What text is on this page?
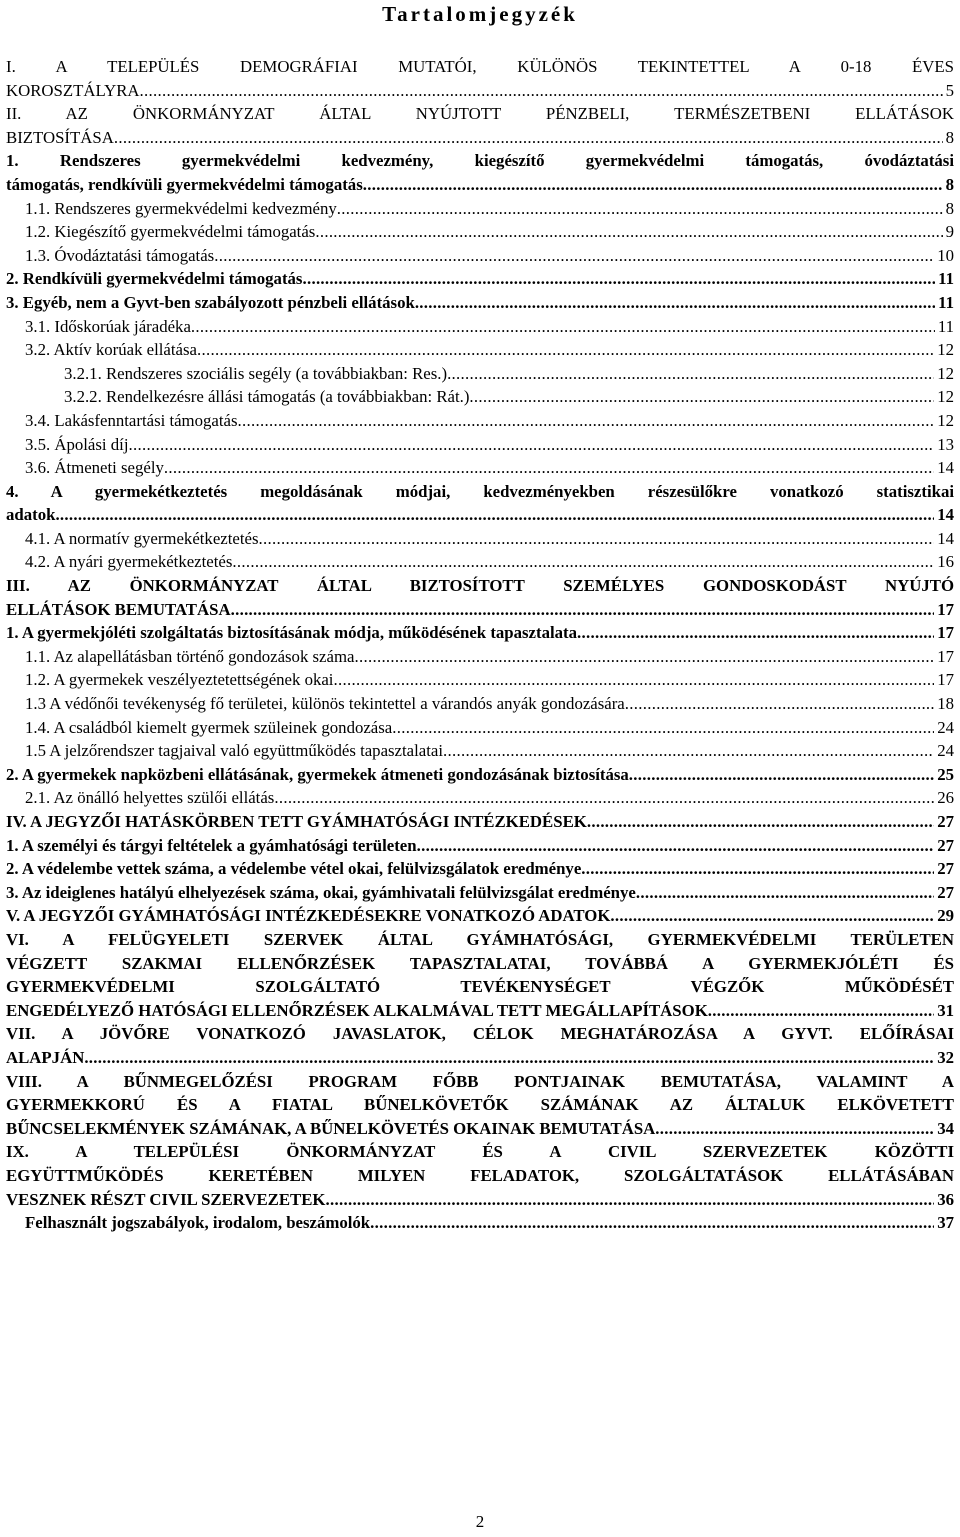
Tartalomjegyzék
I. A TELEPÜLÉS DEMOGRÁFIAI MUTATÓI, KÜLÖNÖS TEKINTETTEL A 0-18 ÉVES
KOROSZTÁLYRA .....	5
II. AZ ÖNKORMÁNYZAT ÁLTAL NYÚJTOTT PÉNZBELI, TERMÉSZETBENI ELLÁTÁSOK
BIZTOSÍTÁSA .....	8
1. Rendszeres gyermekvédelmi kedvezmény, kiegészítő gyermekvédelmi támogatás, óvodáztatási
támogatás, rendkívüli gyermekvédelmi támogatás .....	8
1.1. Rendszeres gyermekvédelmi kedvezmény .....	8
1.2. Kiegészítő gyermekvédelmi támogatás .....	9
1.3. Óvodáztatási támogatás .....	10
2. Rendkívüli gyermekvédelmi támogatás .....	11
3. Egyéb, nem a Gyvt-ben szabályozott pénzbeli ellátások .....	11
3.1. Időskorúak járadéka .....	11
3.2. Aktív korúak ellátása .....	12
3.2.1. Rendszeres szociális segély (a továbbiakban: Res.) .....	12
3.2.2. Rendelkezésre állási támogatás (a továbbiakban: Rát.) .....	12
3.4. Lakásfenntartási támogatás .....	12
3.5. Ápolási díj .....	13
3.6. Átmeneti segély .....	14
4. A gyermekétkeztetés megoldásának módjai, kedvezményekben részesülőkre vonatkozó statisztikai
adatok .....	14
4.1. A normatív gyermekétkeztetés .....	14
4.2. A nyári gyermekétkeztetés .....	16
III. AZ ÖNKORMÁNYZAT ÁLTAL BIZTOSÍTOTT SZEMÉLYES GONDOSKODÁST NYÚJTÓ
ELLÁTÁSOK BEMUTATÁSA .....	17
1. A gyermekjóléti szolgáltatás biztosításának módja, működésének tapasztalata .....	17
1.1. Az alapellátásban történő gondozások száma .....	17
1.2. A gyermekek veszélyeztetettségének okai .....	17
1.3 A védőnői tevékenység fő területei, különös tekintettel a várandós anyák gondozására .....	18
1.4. A családból kiemelt gyermek szüleinek gondozása .....	24
1.5 A jelzőrendszer tagjaival való együttműködés tapasztalatai .....	24
2. A gyermekek napközbeni ellátásának, gyermekek átmeneti gondozásának biztosítása .....	25
2.1. Az önálló helyettes szülői ellátás .....	26
IV. A JEGYZŐI HATÁSKÖRBEN TETT GYÁMHATÓSÁGI INTÉZKEDÉSEK .....	27
1. A személyi és tárgyi feltételek a gyámhatósági területen .....	27
2. A védelembe vettek száma, a védelembe vétel okai, felülvizsgálatok eredménye .....	27
3. Az ideiglenes hatályú elhelyezések száma, okai, gyámhivatali felülvizsgálat eredménye .....	27
V. A JEGYZŐI GYÁMHATÓSÁGI INTÉZKEDÉSEKRE VONATKOZÓ ADATOK .....	29
VI. A FELÜGYELETI SZERVEK ÁLTAL GYÁMHATÓSÁGI, GYERMEKVÉDELMI TERÜLETEN
VÉGZETT SZAKMAI ELLENŐRZÉSEK TAPASZTALATAI, TOVÁBBÁ A GYERMEKJÓLÉTI ÉS
GYERMEKVÉDELMI SZOLGÁLTATÓ TEVÉKENYSÉGET VÉGZŐK MŰKÖDÉSÉT
ENGEDÉLYEZŐ HATÓSÁGI ELLENŐRZÉSEK ALKALMÁVAL TETT MEGÁLLAPÍTÁSOK .....	31
VII. A JÖVŐRE VONATKOZÓ JAVASLATOK, CÉLOK MEGHATÁROZÁSA A GYVT. ELŐÍRÁSAI
ALAPJÁN .....	32
VIII. A BŰNMEGELŐZÉSI PROGRAM FŐBB PONTJAINAK BEMUTATÁSA, VALAMINT A
GYERMEKKORÚ ÉS A FIATAL BŰNELKÖVETŐK SZÁMÁNAK AZ ÁLTALUK ELKÖVETETT
BŰNCSELEKMÉNYEK SZÁMÁNAK, A BŰNELKÖVETÉS OKAINAK BEMUTATÁSA .....	34
IX. A TELEPÜLÉSI ÖNKORMÁNYZAT ÉS A CIVIL SZERVEZETEK KÖZÖTTI
EGYÜTTMŰKÖDÉS KERETÉBEN MILYEN FELADATOK, SZOLGÁLTATÁSOK ELLÁTÁSÁBAN
VESZNEK RÉSZT CIVIL SZERVEZETEK .....	36
Felhasznált jogszabályok, irodalom, beszámolók .....	37
2
